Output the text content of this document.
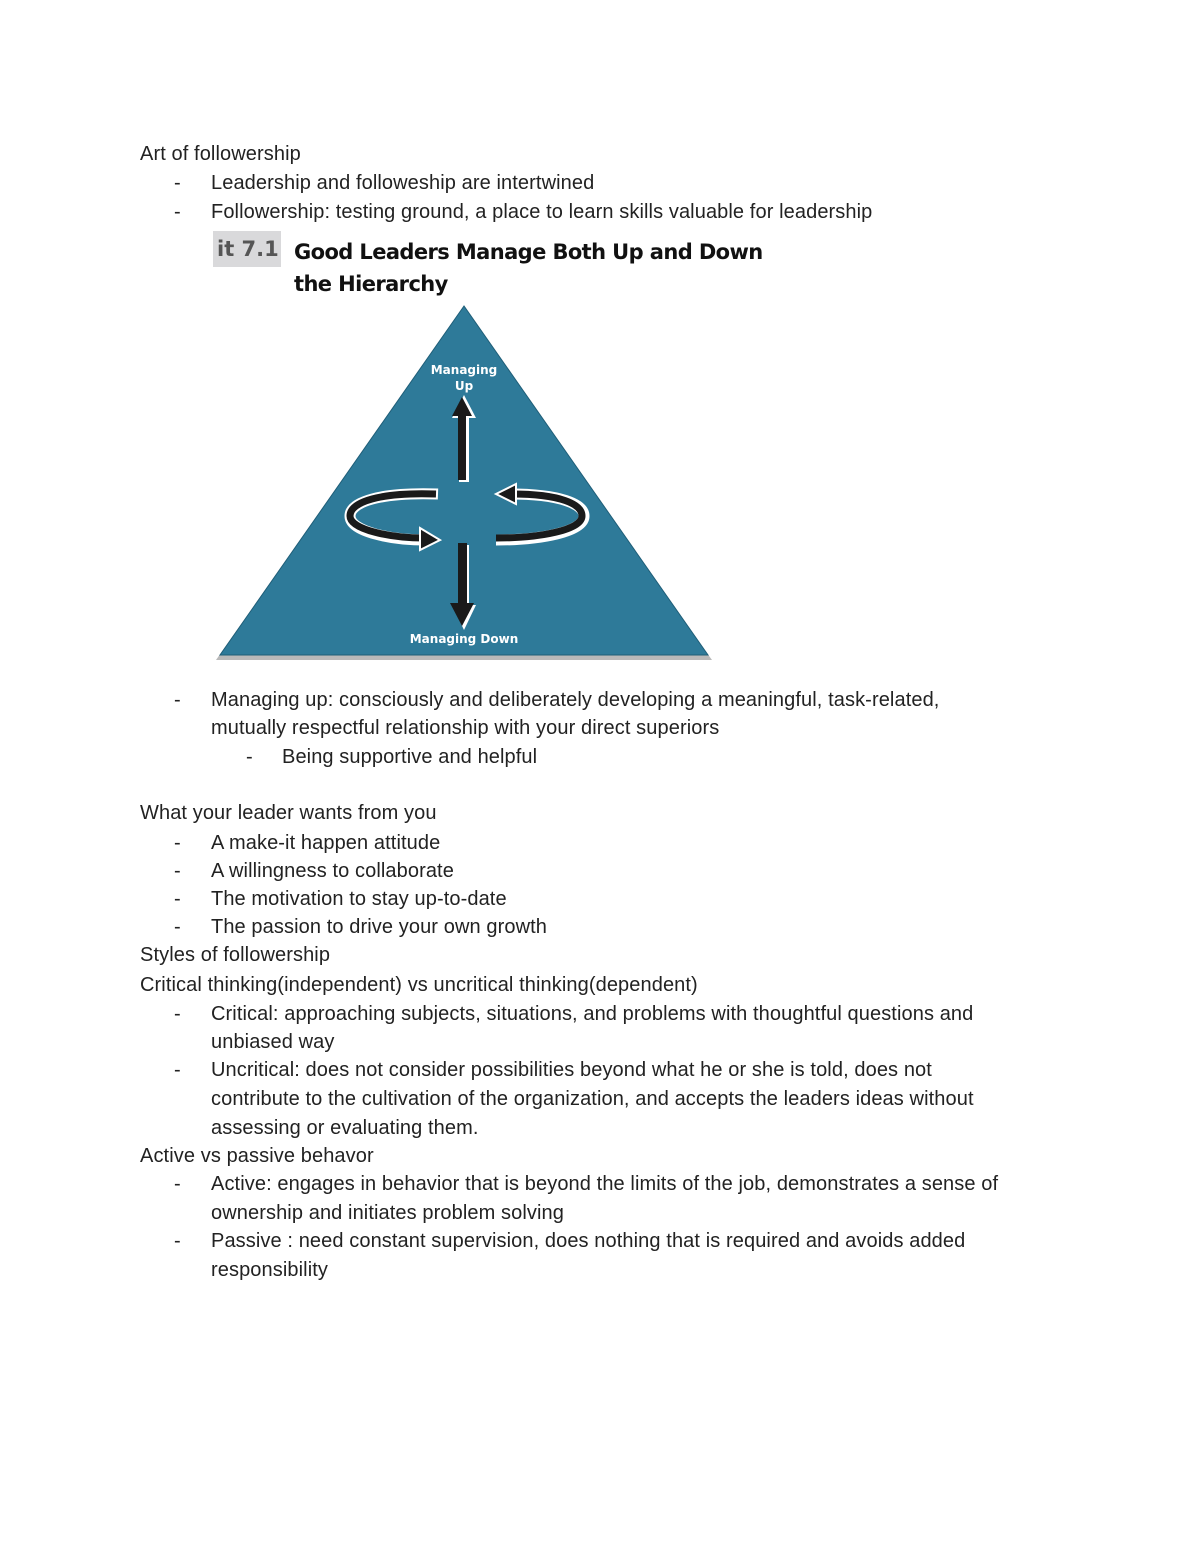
Art of followership
- Leadership and followeship are intertwined
- Followership: testing ground, a place to learn skills valuable for leadership
it 7.1 Good Leaders Manage Both Up and Down
the Hierarchy
Managing
Up
Managing Down
- Managing up: consciously and deliberately developing a meaningful, task-related,
mutually respectful relationship with your direct superiors
- Being supportive and helpful
What your leader wants from you
- A make-it happen attitude
- A willingness to collaborate
- The motivation to stay up-to-date
- The passion to drive your own growth
Styles of followership
Critical thinking(independent) vs uncritical thinking(dependent)
- Critical: approaching subjects, situations, and problems with thoughtful questions and
unbiased way
- Uncritical: does not consider possibilities beyond what he or she is told, does not
contribute to the cultivation of the organization, and accepts the leaders ideas without
assessing or evaluating them.
Active vs passive behavor
- Active: engages in behavior that is beyond the limits of the job, demonstrates a sense of
ownership and initiates problem solving
- Passive : need constant supervision, does nothing that is required and avoids added
responsibility
